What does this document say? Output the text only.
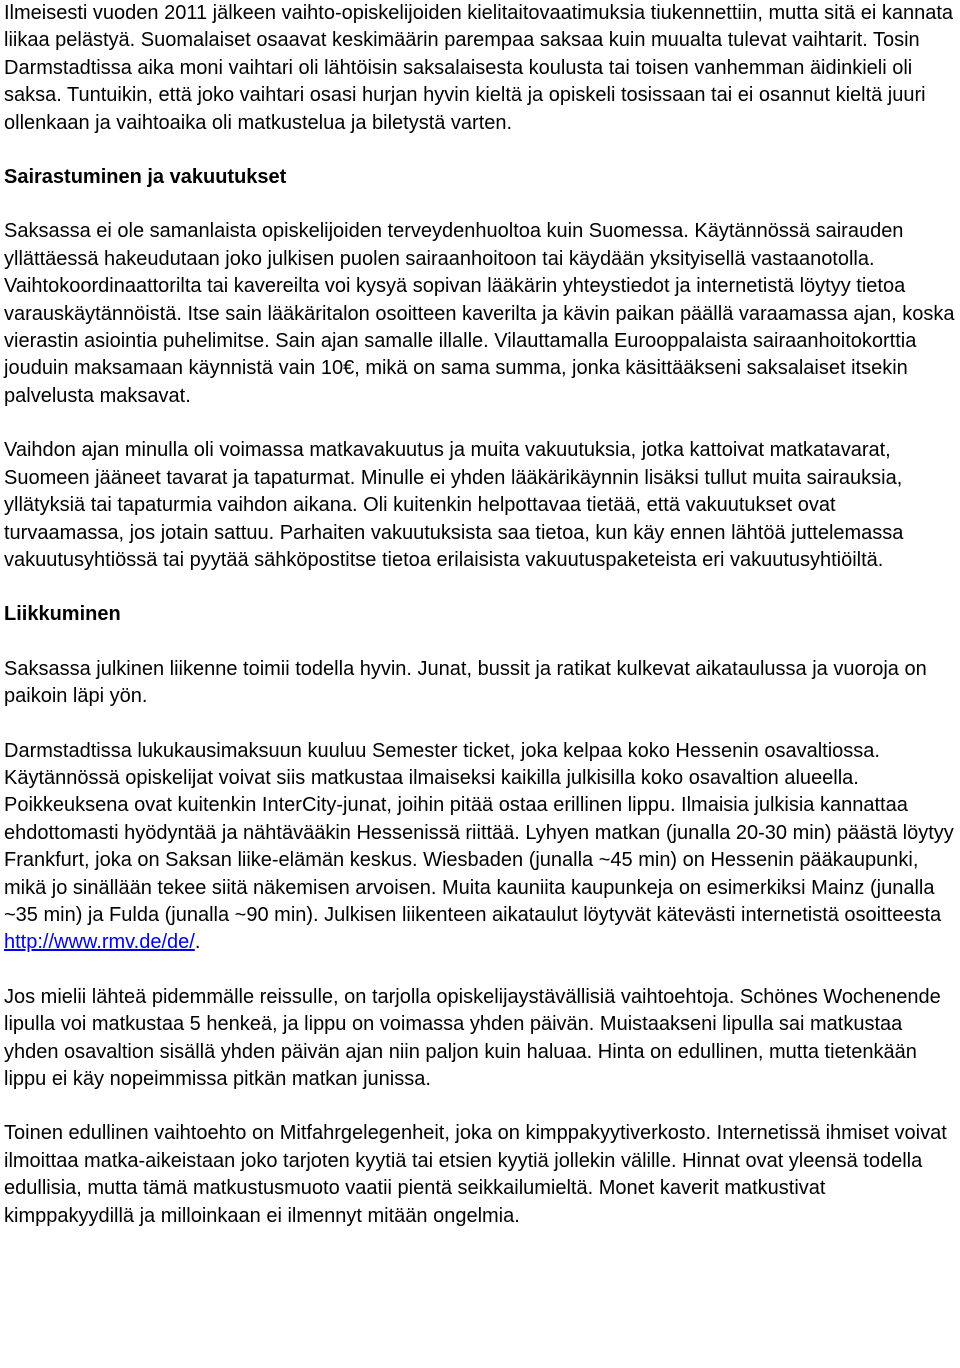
Ilmeisesti vuoden 2011 jälkeen vaihto-opiskelijoiden kielitaitovaatimuksia tiukennettiin, mutta sitä ei kannata liikaa pelästyä. Suomalaiset osaavat keskimäärin parempaa saksaa kuin muualta tulevat vaihtarit. Tosin Darmstadtissa aika moni vaihtari oli lähtöisin saksalaisesta koulusta tai toisen vanhemman äidinkieli oli saksa. Tuntuikin, että joko vaihtari osasi hurjan hyvin kieltä ja opiskeli tosissaan tai ei osannut kieltä juuri ollenkaan ja vaihtoaika oli matkustelua ja biletystä varten.

Sairastuminen ja vakuutukset

Saksassa ei ole samanlaista opiskelijoiden terveydenhuoltoa kuin Suomessa. Käytännössä sairauden yllättäessä hakeudutaan joko julkisen puolen sairaanhoitoon tai käydään yksityisellä vastaanotolla. Vaihtokoordinaattorilta tai kavereilta voi kysyä sopivan lääkärin yhteystiedot ja internetistä löytyy tietoa varauskäytännöistä. Itse sain lääkäritalon osoitteen kaverilta ja kävin paikan päällä varaamassa ajan, koska vierastin asiointia puhelimitse. Sain ajan samalle illalle. Vilauttamalla Eurooppalaista sairaanhoitokorttia jouduin maksamaan käynnistä vain 10€, mikä on sama summa, jonka käsittääkseni saksalaiset itsekin palvelusta maksavat.

Vaihdon ajan minulla oli voimassa matkavakuutus ja muita vakuutuksia, jotka kattoivat matkatavarat, Suomeen jääneet tavarat ja tapaturmat. Minulle ei yhden lääkärikäynnin lisäksi tullut muita sairauksia, yllätyksiä tai tapaturmia vaihdon aikana. Oli kuitenkin helpottavaa tietää, että vakuutukset ovat turvaamassa, jos jotain sattuu. Parhaiten vakuutuksista saa tietoa, kun käy ennen lähtöä juttelemassa vakuutusyhtiössä tai pyytää sähköpostitse tietoa erilaisista vakuutuspaketeista eri vakuutusyhtiöiltä.

Liikkuminen

Saksassa julkinen liikenne toimii todella hyvin. Junat, bussit ja ratikat kulkevat aikataulussa ja vuoroja on paikoin läpi yön.

Darmstadtissa lukukausimaksuun kuuluu Semester ticket, joka kelpaa koko Hessenin osavaltiossa. Käytännössä opiskelijat voivat siis matkustaa ilmaiseksi kaikilla julkisilla koko osavaltion alueella. Poikkeuksena ovat kuitenkin InterCity-junat, joihin pitää ostaa erillinen lippu. Ilmaisia julkisia kannattaa ehdottomasti hyödyntää ja nähtävääkin Hessenissä riittää. Lyhyen matkan (junalla 20-30 min) päästä löytyy Frankfurt, joka on Saksan liike-elämän keskus. Wiesbaden (junalla ~45 min) on Hessenin pääkaupunki, mikä jo sinällään tekee siitä näkemisen arvoisen. Muita kauniita kaupunkeja on esimerkiksi Mainz (junalla ~35 min) ja Fulda (junalla ~90 min). Julkisen liikenteen aikataulut löytyvät kätevästi internetistä osoitteesta http://www.rmv.de/de/.

Jos mielii lähteä pidemmälle reissulle, on tarjolla opiskelijaystävällisiä vaihtoehtoja. Schönes Wochenende lipulla voi matkustaa 5 henkeä, ja lippu on voimassa yhden päivän. Muistaakseni lipulla sai matkustaa yhden osavaltion sisällä yhden päivän ajan niin paljon kuin haluaa. Hinta on edullinen, mutta tietenkään lippu ei käy nopeimmissa pitkän matkan junissa.

Toinen edullinen vaihtoehto on Mitfahrgelegenheit, joka on kimppakyytiverkosto. Internetissä ihmiset voivat ilmoittaa matka-aikeistaan joko tarjoten kyytiä tai etsien kyytiä jollekin välille. Hinnat ovat yleensä todella edullisia, mutta tämä matkustusmuoto vaatii pientä seikkailumieltä. Monet kaverit matkustivat kimppakyydillä ja milloinkaan ei ilmennyt mitään ongelmia.
